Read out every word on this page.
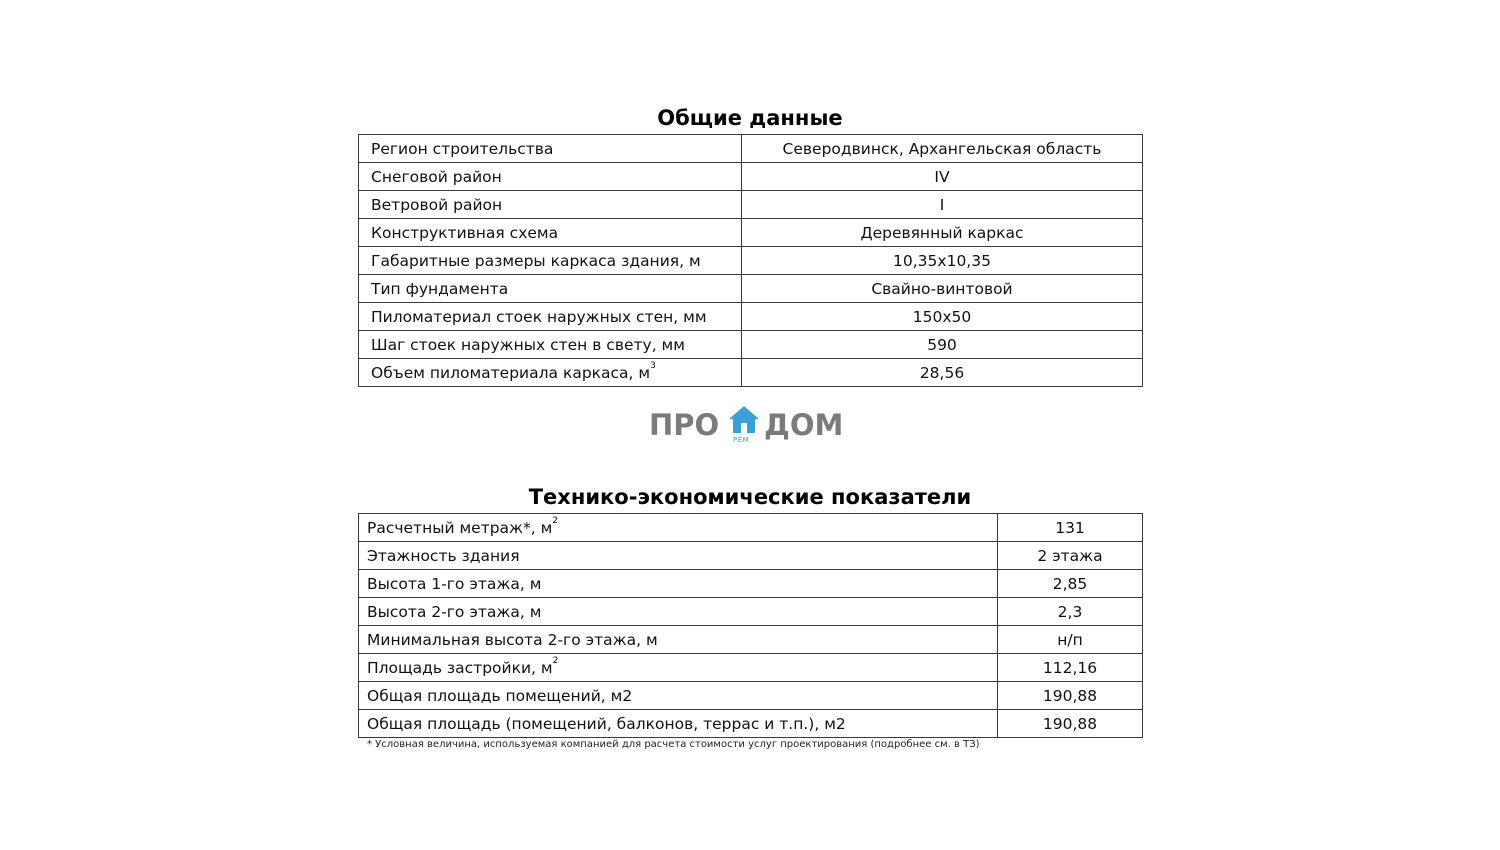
Общие данные
Регион строительства	Северодвинск, Архангельская область
Снеговой район	IV
Ветровой район	I
Конструктивная схема	Деревянный каркас
Габаритные размеры каркаса здания, м	10,35х10,35
Тип фундамента	Свайно-винтовой
Пиломатериал стоек наружных стен, мм	150х50
Шаг стоек наружных стен в свету, мм	590
Объем пиломатериала каркаса, $м^3$	28,56
ПРО РЕМ ДОМ
Технико-экономические показатели
Расчетный метраж*, $м^2$	131
Этажность здания	2 этажа
Высота 1-го этажа, м	2,85
Высота 2-го этажа, м	2,3
Минимальная высота 2-го этажа, м	н/п
Площадь застройки, $м^2$	112,16
Общая площадь помещений, м2	190,88
Общая площадь (помещений, балконов, террас и т.п.), м2	190,88
* Условная величина, используемая компанией для расчета стоимости услуг проектирования (подробнее см. в ТЗ)
